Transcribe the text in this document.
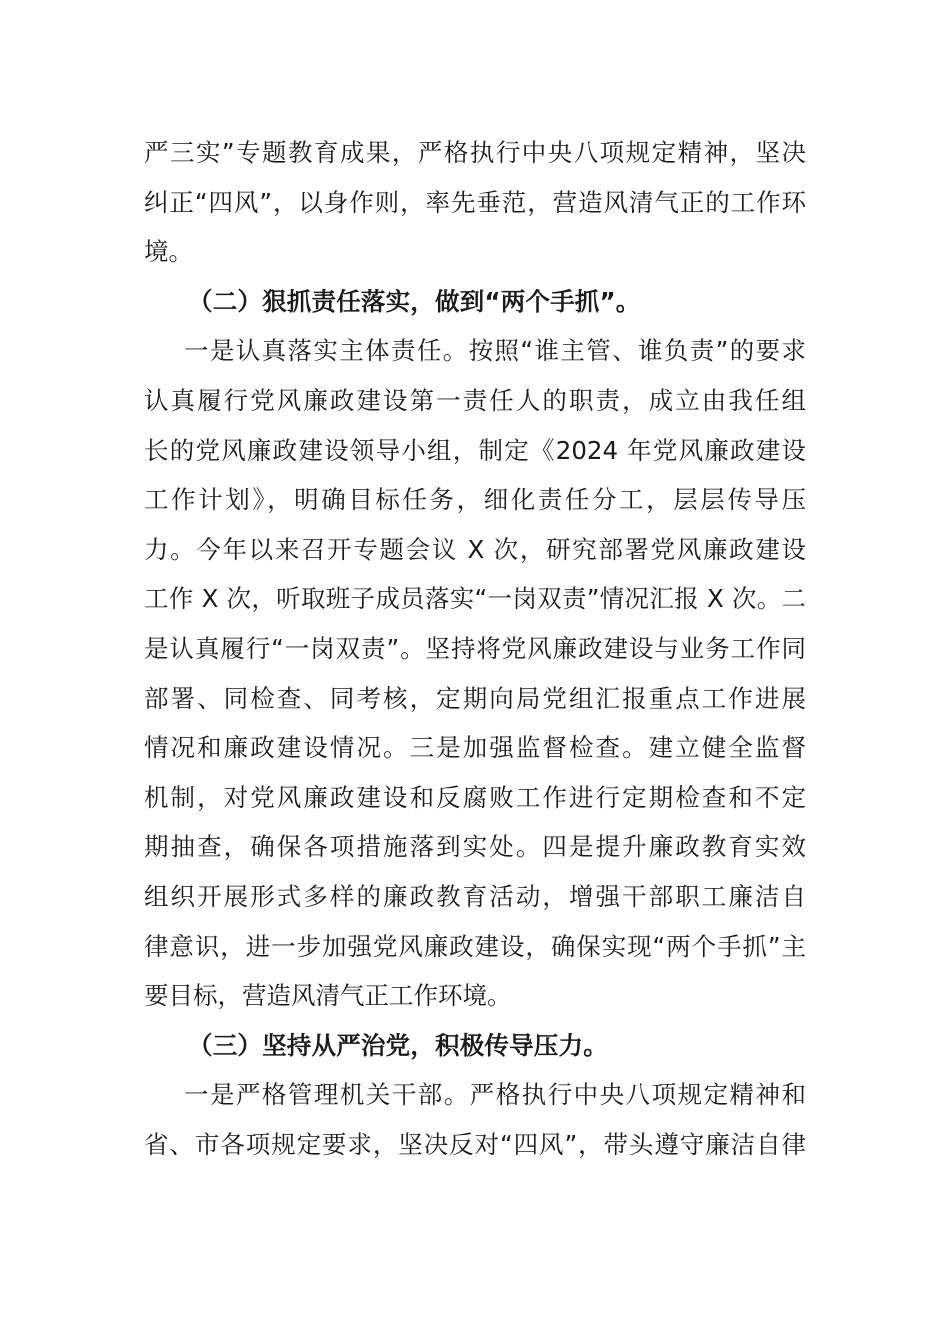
严三实”专题教育成果，严格执行中央八项规定精神，坚决
纠正“四风”，以身作则，率先垂范，营造风清气正的工作环
境。
（二）狠抓责任落实，做到“两个手抓”。
一是认真落实主体责任。按照“谁主管、谁负责”的要求
认真履行党风廉政建设第一责任人的职责，成立由我任组
长的党风廉政建设领导小组，制定《2024 年党风廉政建设
工作计划》，明确目标任务，细化责任分工，层层传导压
力。今年以来召开专题会议 X 次，研究部署党风廉政建设
工作 X 次，听取班子成员落实“一岗双责”情况汇报 X 次。二
是认真履行“一岗双责”。坚持将党风廉政建设与业务工作同
部署、同检查、同考核，定期向局党组汇报重点工作进展
情况和廉政建设情况。三是加强监督检查。建立健全监督
机制，对党风廉政建设和反腐败工作进行定期检查和不定
期抽查，确保各项措施落到实处。四是提升廉政教育实效
组织开展形式多样的廉政教育活动，增强干部职工廉洁自
律意识，进一步加强党风廉政建设，确保实现“两个手抓”主
要目标，营造风清气正工作环境。
（三）坚持从严治党，积极传导压力。
一是严格管理机关干部。严格执行中央八项规定精神和
省、市各项规定要求，坚决反对“四风”，带头遵守廉洁自律
